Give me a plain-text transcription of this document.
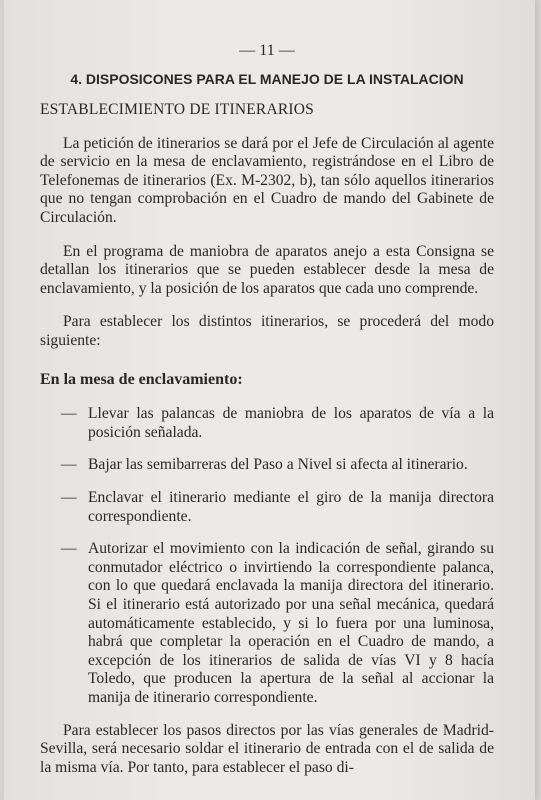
— 11 —
4. DISPOSICONES PARA EL MANEJO DE LA INSTALACION
ESTABLECIMIENTO DE ITINERARIOS

La petición de itinerarios se dará por el Jefe de Circulación al agente de servicio en la mesa de enclavamiento, registrándose en el Libro de Telefonemas de itinerarios (Ex. M-2302, b), tan sólo aquellos itinerarios que no tengan comprobación en el Cuadro de mando del Gabinete de Circulación.

En el programa de maniobra de aparatos anejo a esta Consigna se detallan los itinerarios que se pueden establecer desde la mesa de enclavamiento, y la posición de los aparatos que cada uno comprende.

Para establecer los distintos itinerarios, se procederá del modo siguiente:

En la mesa de enclavamiento:
— Llevar las palancas de maniobra de los aparatos de vía a la posición señalada.
— Bajar las semibarreras del Paso a Nivel si afecta al itinerario.
— Enclavar el itinerario mediante el giro de la manija directora correspondiente.
— Autorizar el movimiento con la indicación de señal, girando su conmutador eléctrico o invirtiendo la correspondiente palanca, con lo que quedará enclavada la manija directora del itinerario. Si el itinerario está autorizado por una señal mecánica, quedará automáticamente establecido, y si lo fuera por una luminosa, habrá que completar la operación en el Cuadro de mando, a excepción de los itinerarios de salida de vías VI y 8 hacía Toledo, que producen la apertura de la señal al accionar la manija de itinerario correspondiente.

Para establecer los pasos directos por las vías generales de Madrid-Sevilla, será necesario soldar el itinerario de entrada con el de salida de la misma vía. Por tanto, para establecer el paso di-
